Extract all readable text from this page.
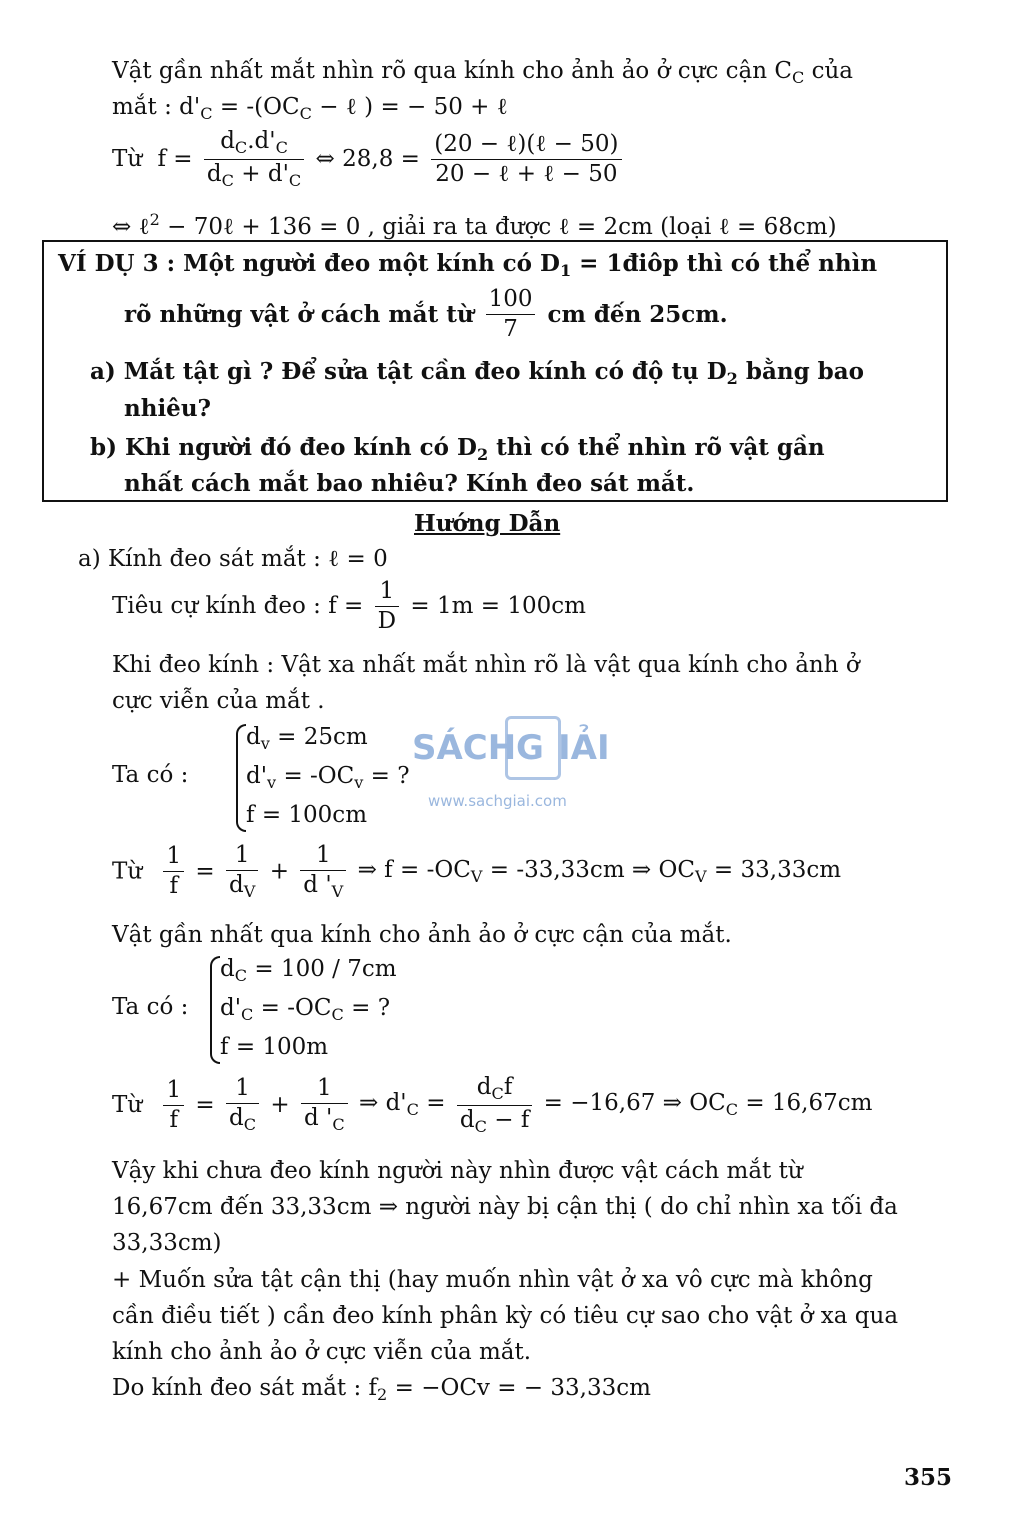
Vật gần nhất mắt nhìn rõ qua kính cho ảnh ảo ở cực cận $C_C$ của
mắt : $d'_C = -(OC_C$ − ℓ ) = − 50 + ℓ
Từ $f = \frac{d_C.d'_C}{d_C + d'_C}$ ⇔ $28,8 = \frac{\text{(20 − ℓ)(ℓ − 50)}}{\text{20 − ℓ + ℓ − 50}}$
⇔ ℓ$^2$ − 70ℓ + 136 = 0 , giải ra ta được ℓ = 2cm (loại ℓ = 68cm)
VÍ DỤ 3 : Một người đeo một kính có $D_1$ = 1điôp thì có thể nhìn
rõ những vật ở cách mắt từ $\frac{100}{7}$ cm đến 25cm.
a) Mắt tật gì ? Để sửa tật cần đeo kính có độ tụ $D_2$ bằng bao
nhiêu?
b) Khi người đó đeo kính có $D_2$ thì có thể nhìn rõ vật gần
nhất cách mắt bao nhiêu? Kính đeo sát mắt.
Hướng Dẫn
a) Kính đeo sát mắt : ℓ = 0
Tiêu cự kính đeo : $f = \frac{1}{D} = 1m = 100cm$
Khi đeo kính : Vật xa nhất mắt nhìn rõ là vật qua kính cho ảnh ở
cực viễn của mắt .
Ta có :
$d_v = 25cm$
$d'_v = -OC_v$ = ?
f = 100cm
SÁCH G IẢI
www.sachgiai.com
Từ $\frac{1}{f} = \frac{1}{d_V} + \frac{1}{d '_V}$ ⇒ $f = -OC_V = -33,33cm$ ⇒ $OC_V = 33,33cm$
Vật gần nhất qua kính cho ảnh ảo ở cực cận của mắt.
Ta có :
$d_C = 100 / 7cm$
$d'_C = -OC_C$ = ?
f = 100m
Từ $\frac{1}{f} = \frac{1}{d_C} + \frac{1}{d '_C}$ ⇒ $d'_C = \frac{d_Cf}{d_C - f} = -16,67$ ⇒ $OC_C = 16,67cm$
Vậy khi chưa đeo kính người này nhìn được vật cách mắt từ
16,67cm đến 33,33cm ⇒ người này bị cận thị ( do chỉ nhìn xa tối đa
33,33cm)
+ Muốn sửa tật cận thị (hay muốn nhìn vật ở xa vô cực mà không
cần điều tiết ) cần đeo kính phân kỳ có tiêu cự sao cho vật ở xa qua
kính cho ảnh ảo ở cực viễn của mắt.
Do kính đeo sát mắt : $f_2 = -OCv$ = − 33,33cm
355
